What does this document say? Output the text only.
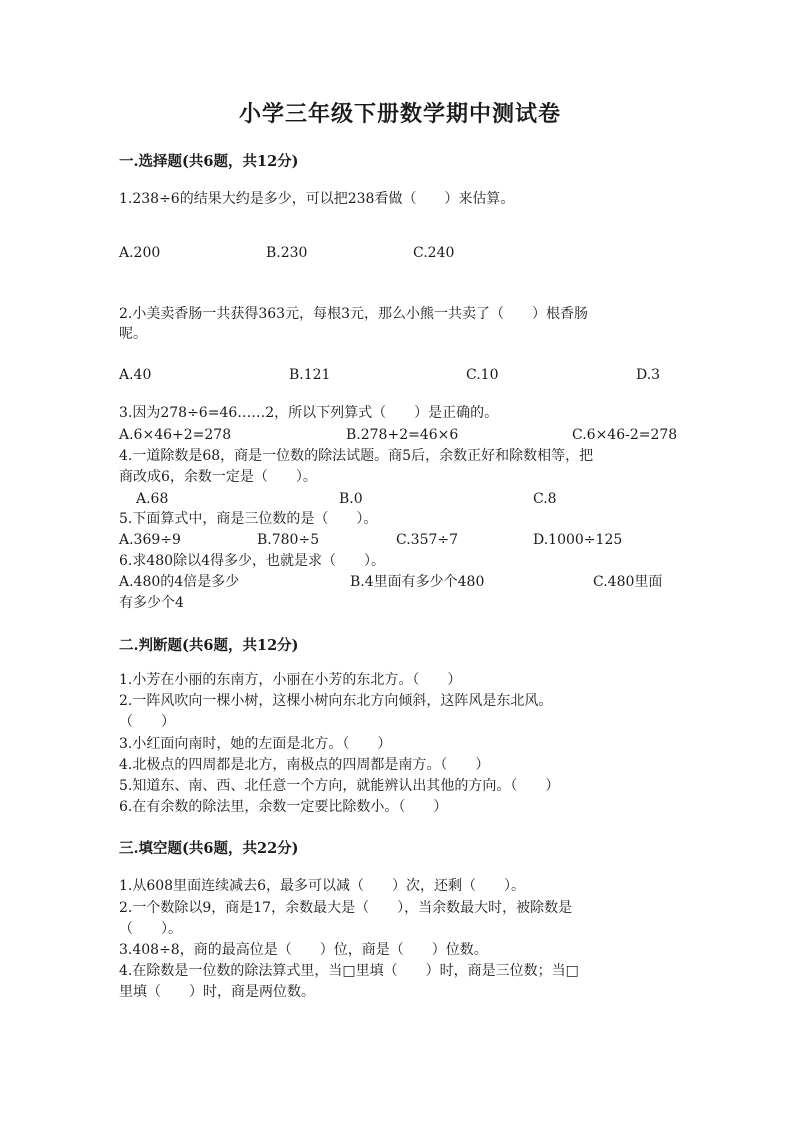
小学三年级下册数学期中测试卷
一.选择题(共6题，共12分)
1.238÷6的结果大约是多少，可以把238看做（　　）来估算。
A.200	B.230	C.240
2.小美卖香肠一共获得363元，每根3元，那么小熊一共卖了（　　）根香肠
呢。
A.40	B.121	C.10	D.3
3.因为278÷6=46……2，所以下列算式（　　）是正确的。
A.6×46+2=278	B.278+2=46×6	C.6×46-2=278
4.一道除数是68，商是一位数的除法试题。商5后，余数正好和除数相等，把
商改成6，余数一定是（　　）。
A.68	B.0	C.8
5.下面算式中，商是三位数的是（　　）。
A.369÷9	B.780÷5	C.357÷7	D.1000÷125
6.求480除以4得多少，也就是求（　　）。
A.480的4倍是多少	B.4里面有多少个480	C.480里面
有多少个4
二.判断题(共6题，共12分)
1.小芳在小丽的东南方，小丽在小芳的东北方。（　　）
2.一阵风吹向一棵小树，这棵小树向东北方向倾斜，这阵风是东北风。
（　　）
3.小红面向南时，她的左面是北方。（　　）
4.北极点的四周都是北方，南极点的四周都是南方。（　　）
5.知道东、南、西、北任意一个方向，就能辨认出其他的方向。（　　）
6.在有余数的除法里，余数一定要比除数小。（　　）
三.填空题(共6题，共22分)
1.从608里面连续减去6，最多可以减（　　）次，还剩（　　）。
2.一个数除以9，商是17，余数最大是（　　），当余数最大时，被除数是
（　　）。
3.408÷8，商的最高位是（　　）位，商是（　　）位数。
4.在除数是一位数的除法算式里，当□里填（　　）时，商是三位数；当□
里填（　　）时，商是两位数。
